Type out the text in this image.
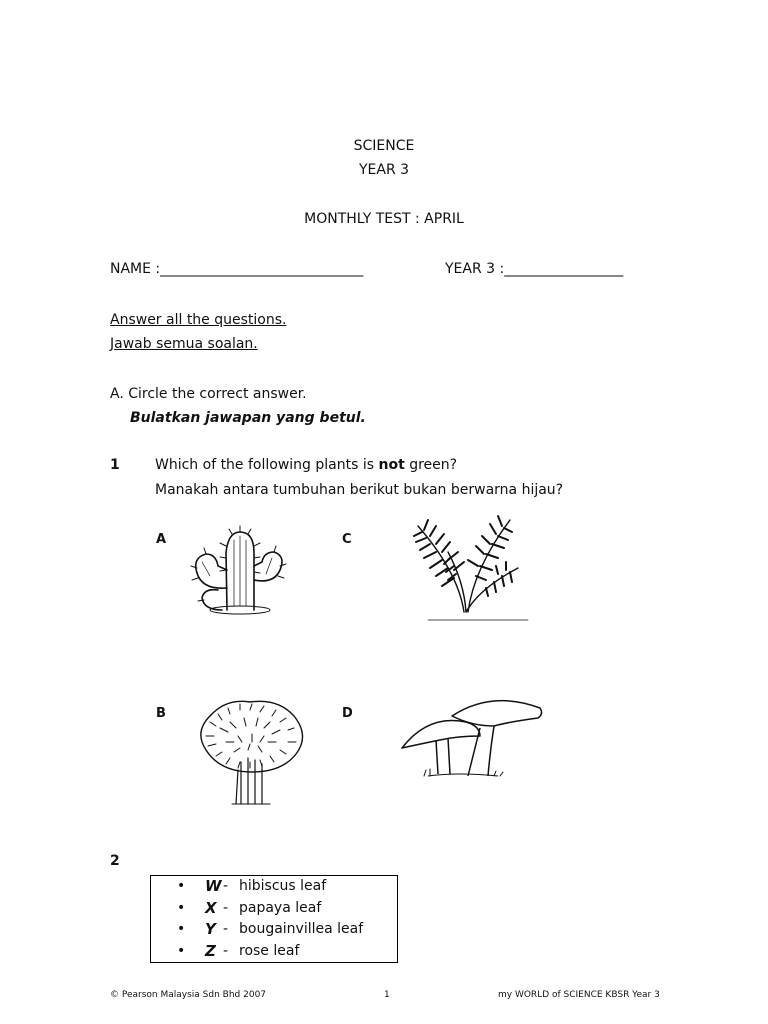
SCIENCE
YEAR 3
MONTHLY TEST : APRIL
NAME :_____________________________	YEAR 3 :_________________
Answer all the questions.
Jawab semua soalan.
A. Circle the correct answer.
Bulatkan jawapan yang betul.
1	Which of the following plants is not green?
Manakah antara tumbuhan berikut bukan berwarna hijau?
A	C
B	D
2
• W - hibiscus leaf
• X - papaya leaf
• Y - bougainvillea leaf
• Z - rose leaf
© Pearson Malaysia Sdn Bhd 2007	1	my WORLD of SCIENCE KBSR Year 3
